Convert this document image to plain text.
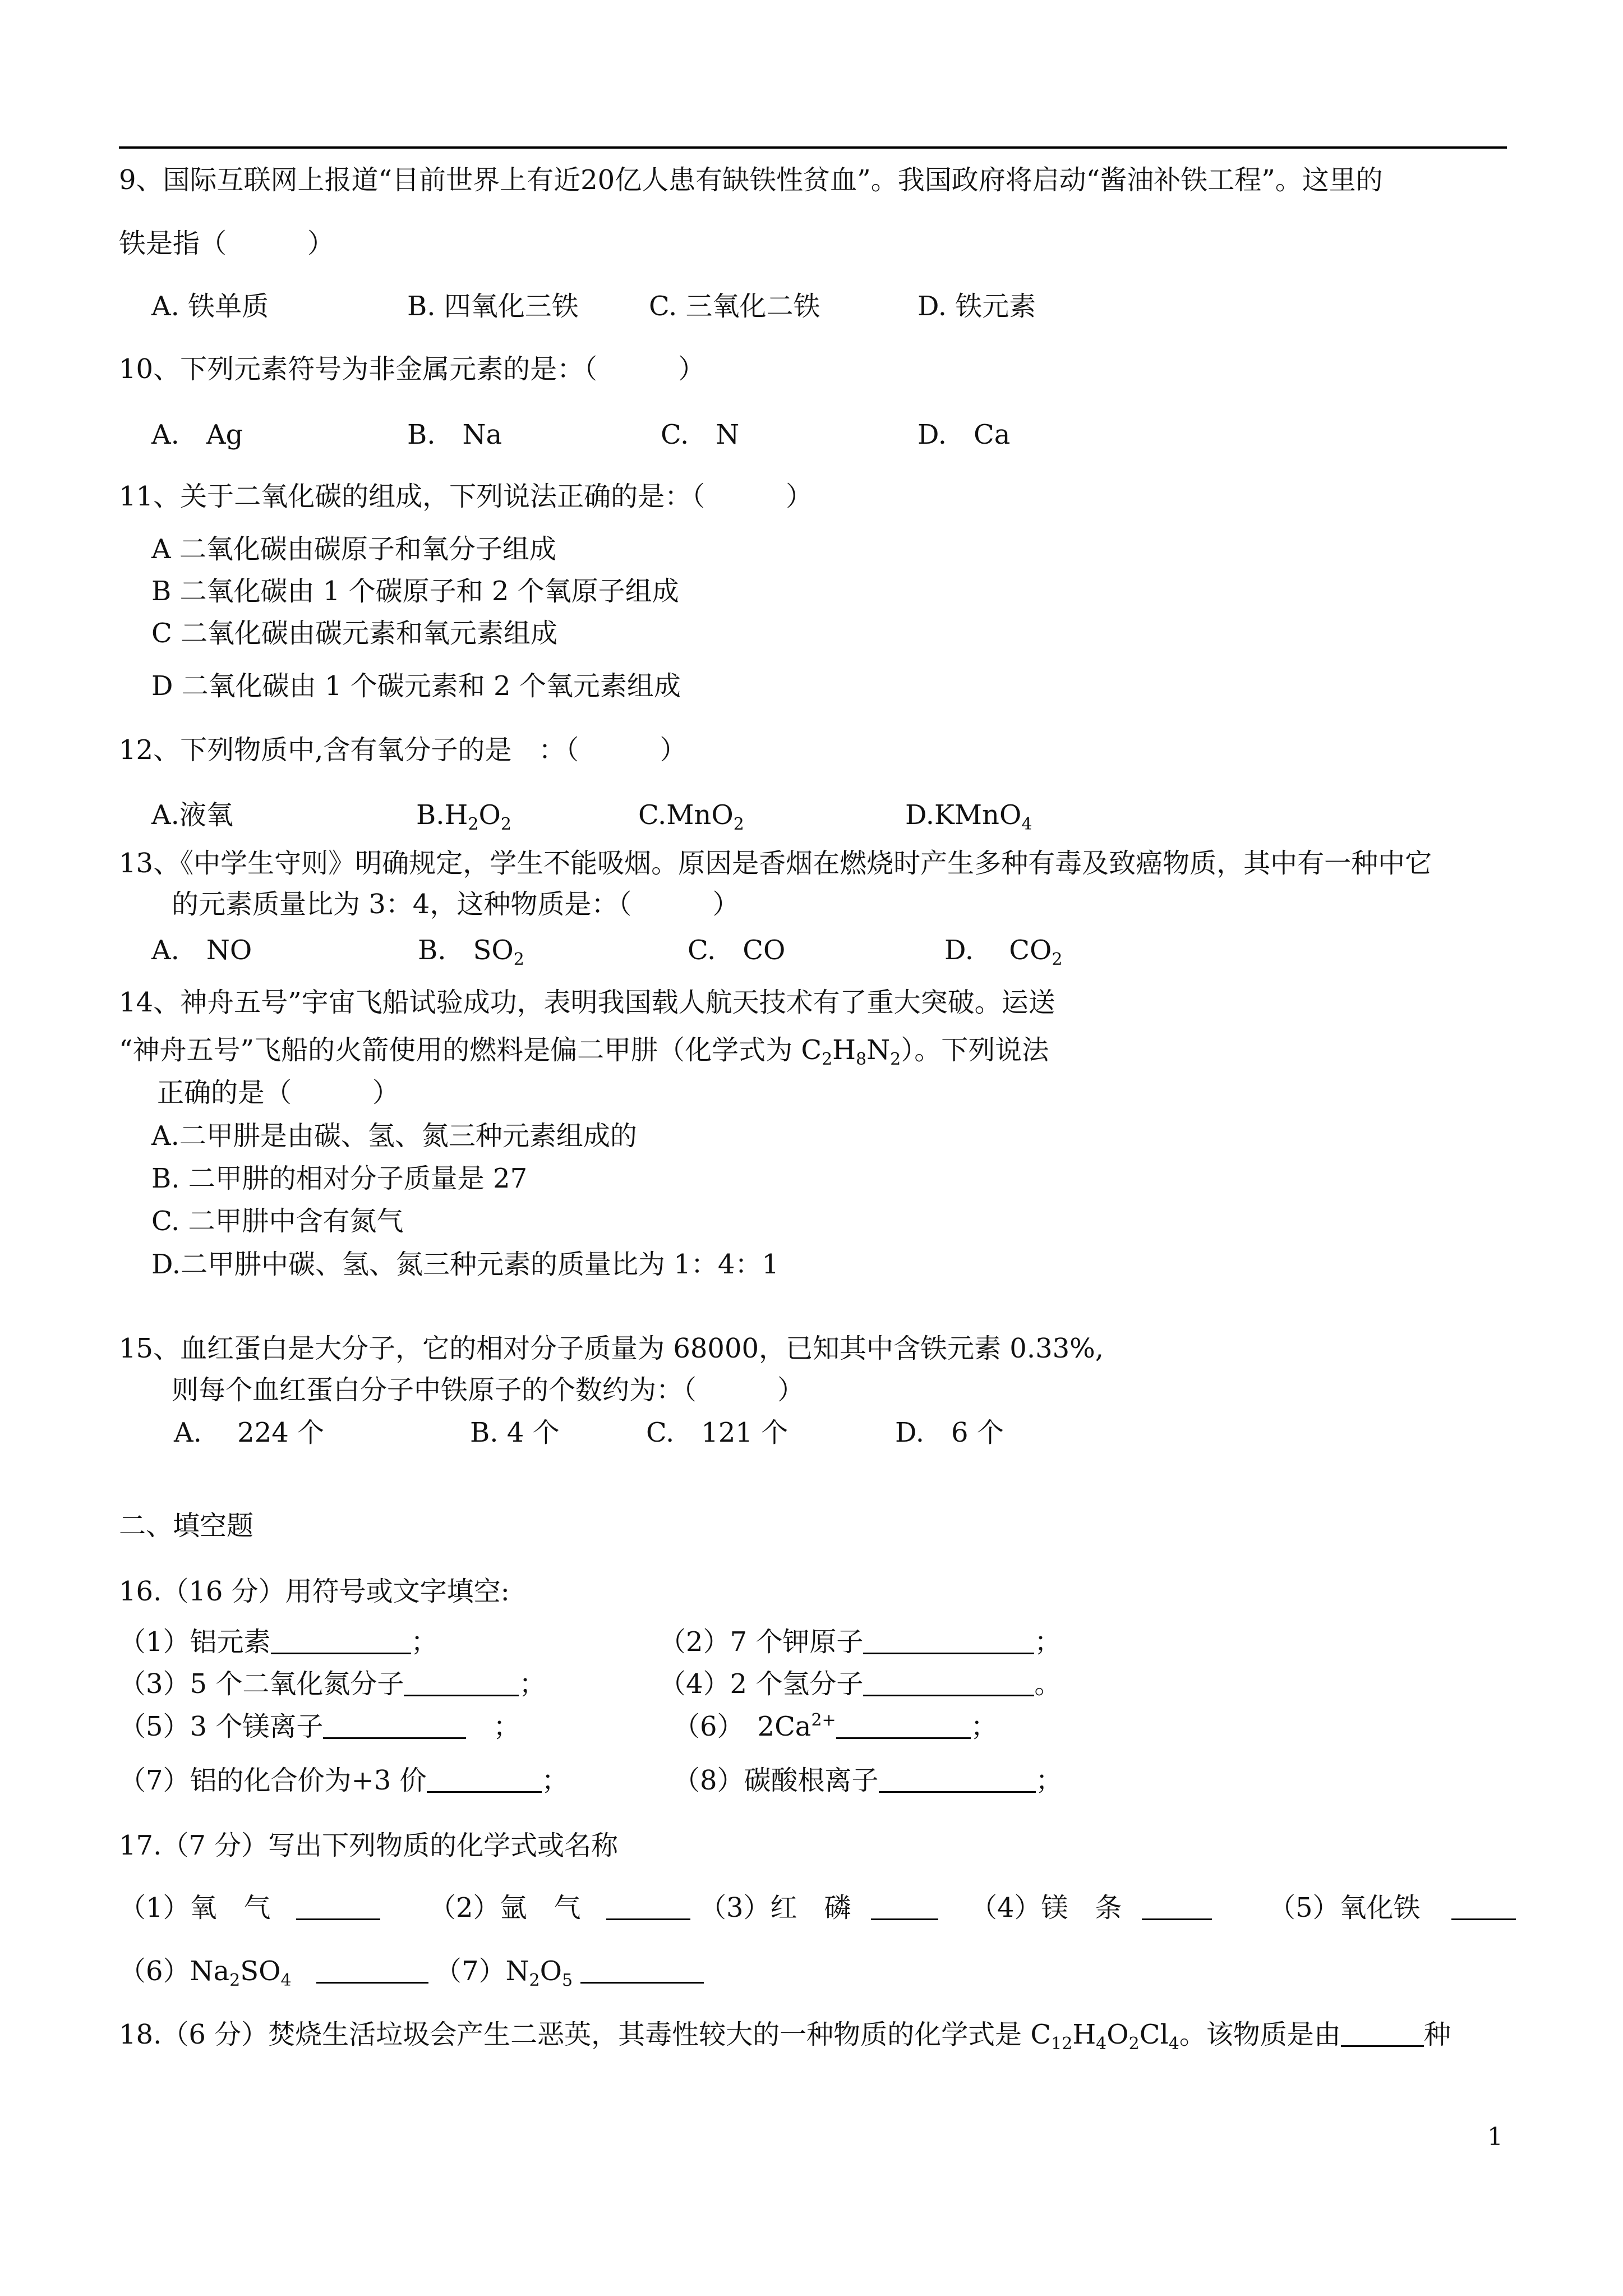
9、国际互联网上报道“目前世界上有近20亿人患有缺铁性贫血”。我国政府将启动“酱油补铁工程”。这里的
铁是指（　　　）
A. 铁单质	B. 四氧化三铁	C. 三氧化二铁	D. 铁元素
10、下列元素符号为非金属元素的是：（　　　）
A.　Ag	B.　Na	C.　N	D.　Ca
11、关于二氧化碳的组成，下列说法正确的是：（　　　）
A 二氧化碳由碳原子和氧分子组成
B 二氧化碳由 1 个碳原子和 2 个氧原子组成
C 二氧化碳由碳元素和氧元素组成
D 二氧化碳由 1 个碳元素和 2 个氧元素组成
12、下列物质中,含有氧分子的是　：（　　　）
A.液氧	$B.H_2O_2$	C.MnO$_2$	D.KMnO$_4$
13、《中学生守则》明确规定，学生不能吸烟。原因是香烟在燃烧时产生多种有毒及致癌物质，其中有一种中它
的元素质量比为 3：4，这种物质是：（　　　）
A.　NO	B.　$SO_2$	C.　CO	D.　 $CO_2$
14、神舟五号”宇宙飞船试验成功，表明我国载人航天技术有了重大突破。运送
“神舟五号”飞船的火箭使用的燃料是偏二甲肼（化学式为 $C_2H_8N_2$）。下列说法
正确的是（　　　）
A.二甲肼是由碳、氢、氮三种元素组成的
B. 二甲肼的相对分子质量是 27
C. 二甲肼中含有氮气
D.二甲肼中碳、氢、氮三种元素的质量比为 1：4：1
15、血红蛋白是大分子，它的相对分子质量为 68000，已知其中含铁元素 0.33%,
则每个血红蛋白分子中铁原子的个数约为：（　　　）
A.　 224 个	B. 4 个	C.　121 个	D.　6 个
二、填空题
16.（16 分）用符号或文字填空:
（1）铝元素	；	（2）7 个钾原子	；
（3）5 个二氧化氮分子	；	（4）2 个氢分子	。
（5）3 个镁离子	　；	（6）　$2Ca^{2+}$	；
（7）铝的化合价为+3 价	；	（8）碳酸根离子	；
17.（7 分）写出下列物质的化学式或名称
（1）氧　气	（2）氩　气	（3）红　磷	（4）镁　条	（5）氧化铁
$(6)Na_2SO_4$	$(7)N_2O_5$
18.（6 分）焚烧生活垃圾会产生二恶英，其毒性较大的一种物质的化学式是 $C_{12}H_4O_2Cl_4$。该物质是由	种
1
